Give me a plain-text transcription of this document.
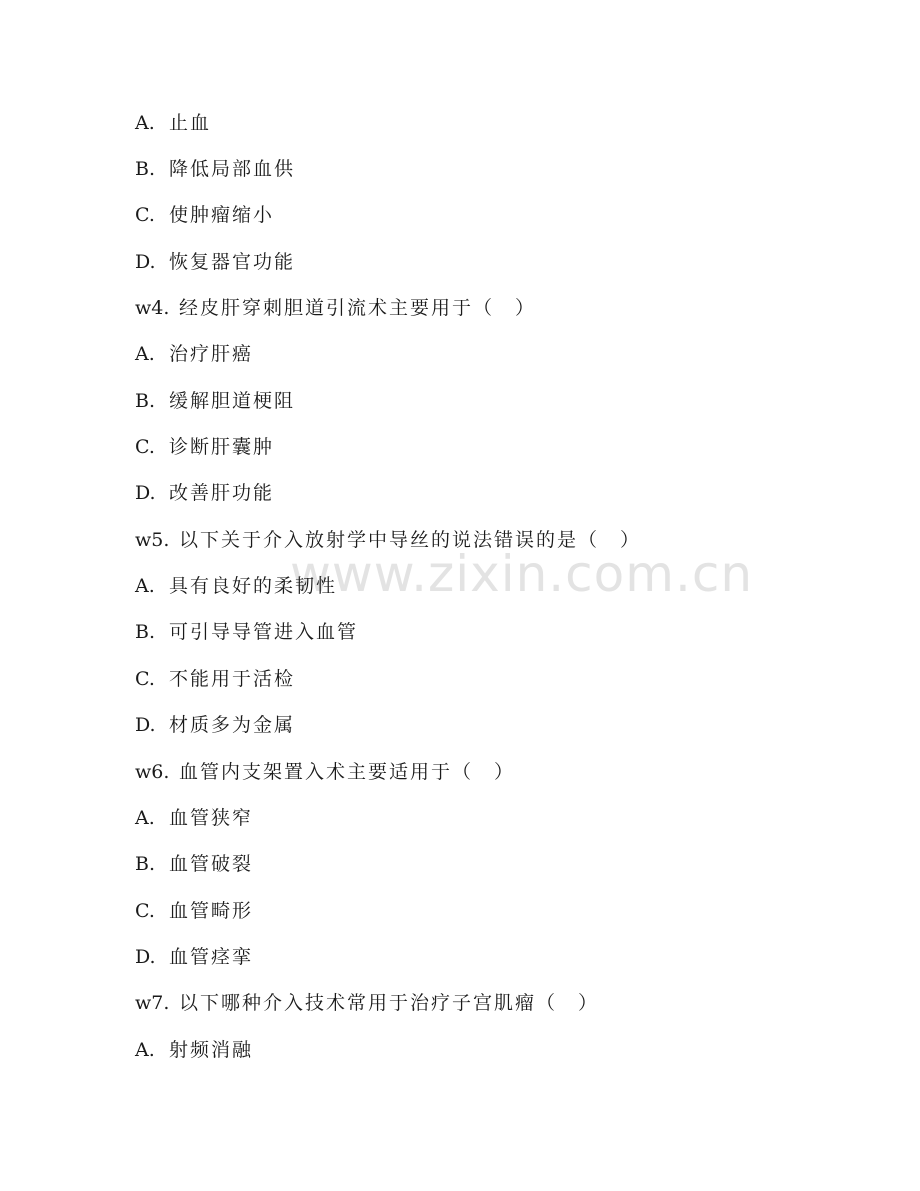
www.zixin.com.cn
A. 止血
B. 降低局部血供
C. 使肿瘤缩小
D. 恢复器官功能
w4. 经皮肝穿刺胆道引流术主要用于（　）
A. 治疗肝癌
B. 缓解胆道梗阻
C. 诊断肝囊肿
D. 改善肝功能
w5. 以下关于介入放射学中导丝的说法错误的是（　）
A. 具有良好的柔韧性
B. 可引导导管进入血管
C. 不能用于活检
D. 材质多为金属
w6. 血管内支架置入术主要适用于（　）
A. 血管狭窄
B. 血管破裂
C. 血管畸形
D. 血管痉挛
w7. 以下哪种介入技术常用于治疗子宫肌瘤（　）
A. 射频消融
